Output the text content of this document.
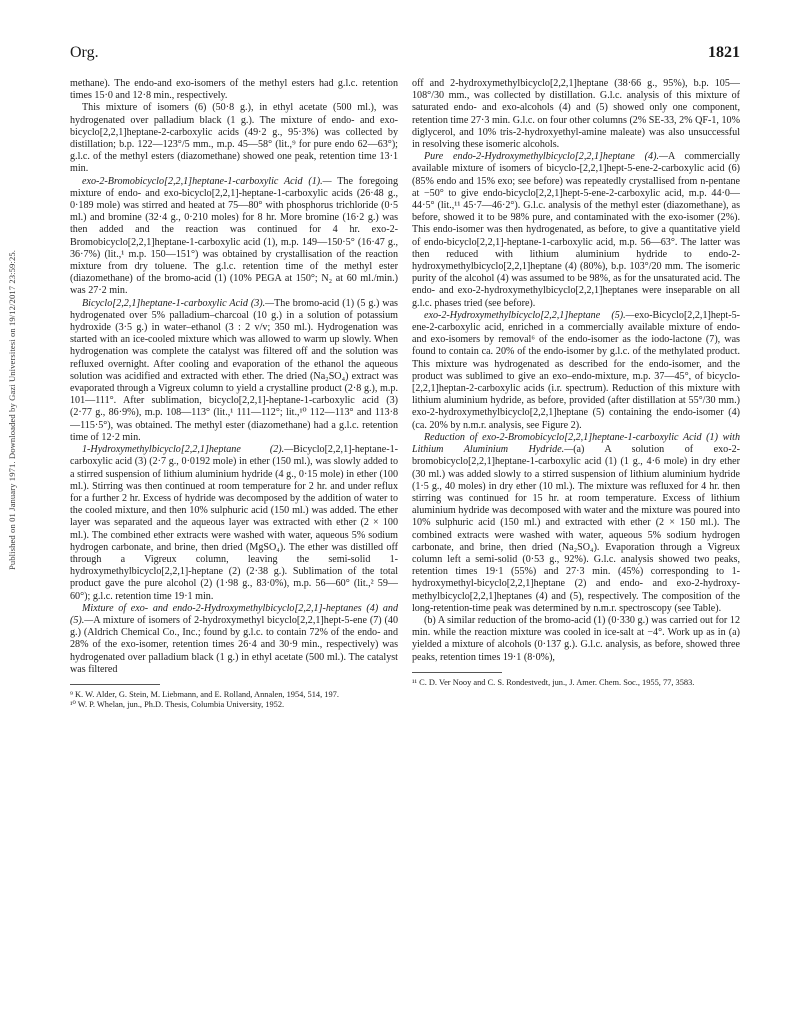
Published on 01 January 1971. Downloaded by Gazi Universitesi on 19/12/2017 23:59:25.
Org.	1821

methane). The endo-and exo-isomers of the methyl esters had g.l.c. retention times 15·0 and 12·8 min., respectively.

This mixture of isomers (6) (50·8 g.), in ethyl acetate (500 ml.), was hydrogenated over palladium black (1 g.). The mixture of endo- and exo-bicyclo[2,2,1]heptane-2-carboxylic acids (49·2 g., 95·3%) was collected by distillation; b.p. 122—123°/5 mm., m.p. 45—58° (lit.,⁹ for pure endo 62—63°); g.l.c. of the methyl esters (diazomethane) showed one peak, retention time 13·1 min.

exo-2-Bromobicyclo[2,2,1]heptane-1-carboxylic Acid (1).— The foregoing mixture of endo- and exo-bicyclo[2,2,1]-heptane-1-carboxylic acids (26·48 g., 0·189 mole) was stirred and heated at 75—80° with phosphorus trichloride (0·5 ml.) and bromine (32·4 g., 0·210 moles) for 8 hr. More bromine (16·2 g.) was then added and the reaction was continued for 4 hr. exo-2-Bromobicyclo[2,2,1]heptane-1-carboxylic acid (1), m.p. 149—150·5° (16·47 g., 36·7%) (lit.,¹ m.p. 150—151°) was obtained by crystallisation of the reaction mixture from dry toluene. The g.l.c. retention time of the methyl ester (diazomethane) of the bromo-acid (1) (10% PEGA at 150°; N₂ at 60 ml./min.) was 27·2 min.

Bicyclo[2,2,1]heptane-1-carboxylic Acid (3).—The bromo-acid (1) (5 g.) was hydrogenated over 5% palladium–charcoal (10 g.) in a solution of potassium hydroxide (3·5 g.) in water–ethanol (3 : 2 v/v; 350 ml.). Hydrogenation was started with an ice-cooled mixture which was allowed to warm up slowly. When hydrogenation was complete the catalyst was filtered off and the solution was refluxed overnight. After cooling and evaporation of the ethanol the aqueous solution was acidified and extracted with ether. The dried (Na₂SO₄) extract was evaporated through a Vigreux column to yield a crystalline product (2·8 g.), m.p. 101—111°. After sublimation, bicyclo[2,2,1]-heptane-1-carboxylic acid (3) (2·77 g., 86·9%), m.p. 108—113° (lit.,¹ 111—112°; lit.,¹⁰ 112—113° and 113·8—115·5°), was obtained. The methyl ester (diazomethane) had a g.l.c. retention time of 12·2 min.

1-Hydroxymethylbicyclo[2,2,1]heptane (2).—Bicyclo[2,2,1]-heptane-1-carboxylic acid (3) (2·7 g., 0·0192 mole) in ether (150 ml.), was slowly added to a stirred suspension of lithium aluminium hydride (4 g., 0·15 mole) in ether (100 ml.). Stirring was then continued at room temperature for 2 hr. and under reflux for a further 2 hr. Excess of hydride was decomposed by the addition of water to the cooled mixture, and then 10% sulphuric acid (150 ml.) was added. The ether layer was separated and the aqueous layer was extracted with ether (2 × 100 ml.). The combined ether extracts were washed with water, aqueous 5% sodium hydrogen carbonate, and brine, then dried (MgSO₄). The ether was distilled off through a Vigreux column, leaving the semi-solid 1-hydroxymethylbicyclo[2,2,1]-heptane (2) (2·38 g.). Sublimation of the total product gave the pure alcohol (2) (1·98 g., 83·0%), m.p. 56—60° (lit.,² 59—60°); g.l.c. retention time 19·1 min.

Mixture of exo- and endo-2-Hydroxymethylbicyclo[2,2,1]-heptanes (4) and (5).—A mixture of isomers of 2-hydroxymethyl bicyclo[2,2,1]hept-5-ene (7) (40 g.) (Aldrich Chemical Co., Inc.; found by g.l.c. to contain 72% of the endo- and 28% of the exo-isomer, retention times 26·4 and 30·9 min., respectively) was hydrogenated over palladium black (1 g.) in ethyl acetate (500 ml.). The catalyst was filtered

⁹ K. W. Alder, G. Stein, M. Liebmann, and E. Rolland, Annalen, 1954, 514, 197.

¹⁰ W. P. Whelan, jun., Ph.D. Thesis, Columbia University, 1952.

off and 2-hydroxymethylbicyclo[2,2,1]heptane (38·66 g., 95%), b.p. 105—108°/30 mm., was collected by distillation. G.l.c. analysis of this mixture of saturated endo- and exo-alcohols (4) and (5) showed only one component, retention time 27·3 min. G.l.c. on four other columns (2% SE-33, 2% QF-1, 10% diglycerol, and 10% tris-2-hydroxyethyl-amine maleate) was also unsuccessful in resolving these isomeric alcohols.

Pure endo-2-Hydroxymethylbicyclo[2,2,1]heptane (4).—A commercially available mixture of isomers of bicyclo-[2,2,1]hept-5-ene-2-carboxylic acid (6) (85% endo and 15% exo; see before) was repeatedly crystallised from n-pentane at −50° to give endo-bicyclo[2,2,1]hept-5-ene-2-carboxylic acid, m.p. 44·0—44·5° (lit.,¹¹ 45·7—46·2°). G.l.c. analysis of the methyl ester (diazomethane), as before, showed it to be 98% pure, and contaminated with the exo-isomer (2%). This endo-isomer was then hydrogenated, as before, to give a quantitative yield of endo-bicyclo[2,2,1]-heptane-1-carboxylic acid, m.p. 56—63°. The latter was then reduced with lithium aluminium hydride to endo-2-hydroxymethylbicyclo[2,2,1]heptane (4) (80%), b.p. 103°/20 mm. The isomeric purity of the alcohol (4) was assumed to be 98%, as for the unsaturated acid. The endo- and exo-2-hydroxymethylbicyclo[2,2,1]heptanes were inseparable on all g.l.c. phases tried (see before).

exo-2-Hydroxymethylbicyclo[2,2,1]heptane (5).—exo-Bicyclo[2,2,1]hept-5-ene-2-carboxylic acid, enriched in a commercially available mixture of endo- and exo-isomers by removal⁶ of the endo-isomer as the iodo-lactone (7), was found to contain ca. 20% of the endo-isomer by g.l.c. of the methylated product. This mixture was hydrogenated as described for the endo-isomer, and the product was sublimed to give an exo–endo-mixture, m.p. 37—45°, of bicyclo-[2,2,1]heptan-2-carboxylic acids (i.r. spectrum). Reduction of this mixture with lithium aluminium hydride, as before, provided (after distillation at 55°/30 mm.) exo-2-hydroxymethylbicyclo[2,2,1]heptane (5) containing the endo-isomer (4) (ca. 20% by n.m.r. analysis, see Figure 2).

Reduction of exo-2-Bromobicyclo[2,2,1]heptane-1-carboxylic Acid (1) with Lithium Aluminium Hydride.—(a) A solution of exo-2-bromobicyclo[2,2,1]heptane-1-carboxylic acid (1) (1 g., 4·6 mole) in dry ether (30 ml.) was added slowly to a stirred suspension of lithium aluminium hydride (1·5 g., 40 moles) in dry ether (10 ml.). The mixture was refluxed for 4 hr. then stirring was continued for 15 hr. at room temperature. Excess of lithium aluminium hydride was decomposed with water and the mixture was poured into 10% sulphuric acid (150 ml.) and extracted with ether (2 × 150 ml.). The combined extracts were washed with water, aqueous 5% sodium hydrogen carbonate, and brine, then dried (Na₂SO₄). Evaporation through a Vigreux column left a semi-solid (0·53 g., 92%). G.l.c. analysis showed two peaks, retention times 19·1 (55%) and 27·3 min. (45%) corresponding to 1-hydroxymethyl-bicyclo[2,2,1]heptane (2) and endo- and exo-2-hydroxy-methylbicyclo[2,2,1]heptanes (4) and (5), respectively. The composition of the long-retention-time peak was determined by n.m.r. spectroscopy (see Table).

(b) A similar reduction of the bromo-acid (1) (0·330 g.) was carried out for 12 min. while the reaction mixture was cooled in ice-salt at −4°. Work up as in (a) yielded a mixture of alcohols (0·137 g.). G.l.c. analysis, as before, showed three peaks, retention times 19·1 (8·0%),

¹¹ C. D. Ver Nooy and C. S. Rondestvedt, jun., J. Amer. Chem. Soc., 1955, 77, 3583.
